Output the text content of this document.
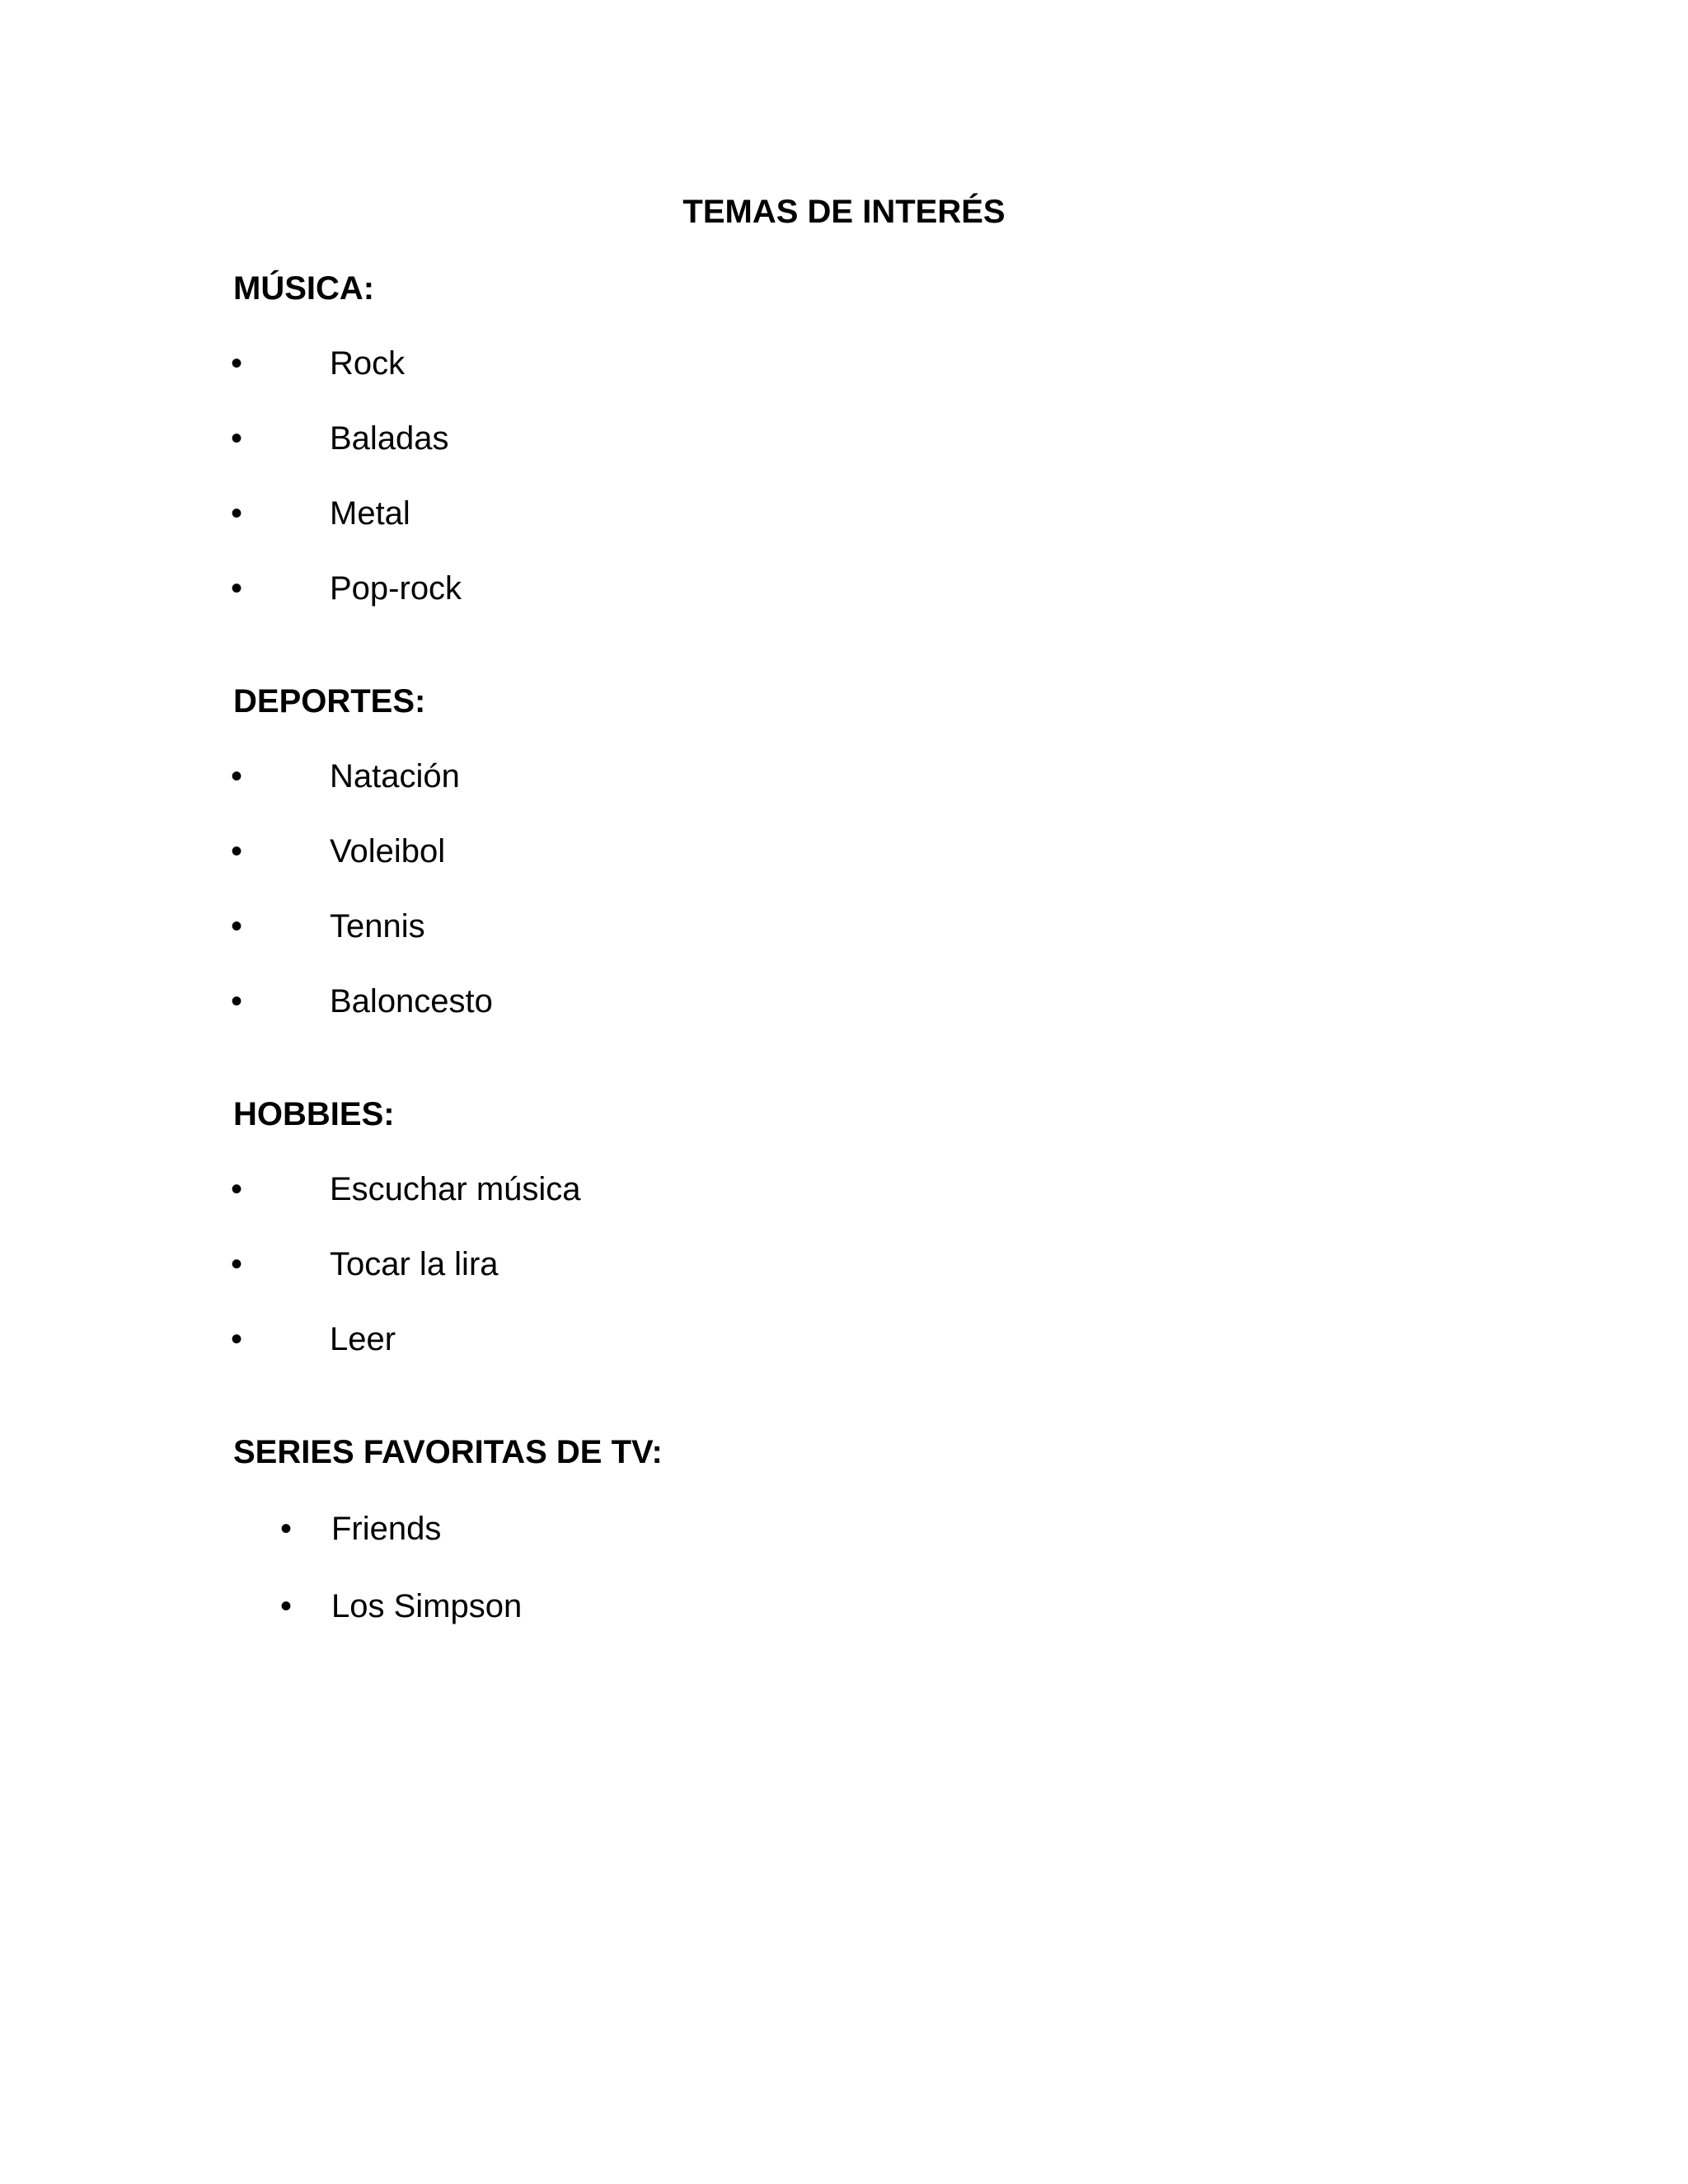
TEMAS DE INTERÉS
MÚSICA:
•	Rock
•	Baladas
•	Metal
•	Pop-rock
DEPORTES:
•	Natación
•	Voleibol
•	Tennis
•	Baloncesto
HOBBIES:
•	Escuchar música
•	Tocar la lira
•	Leer
SERIES FAVORITAS DE TV:
• Friends
• Los Simpson
